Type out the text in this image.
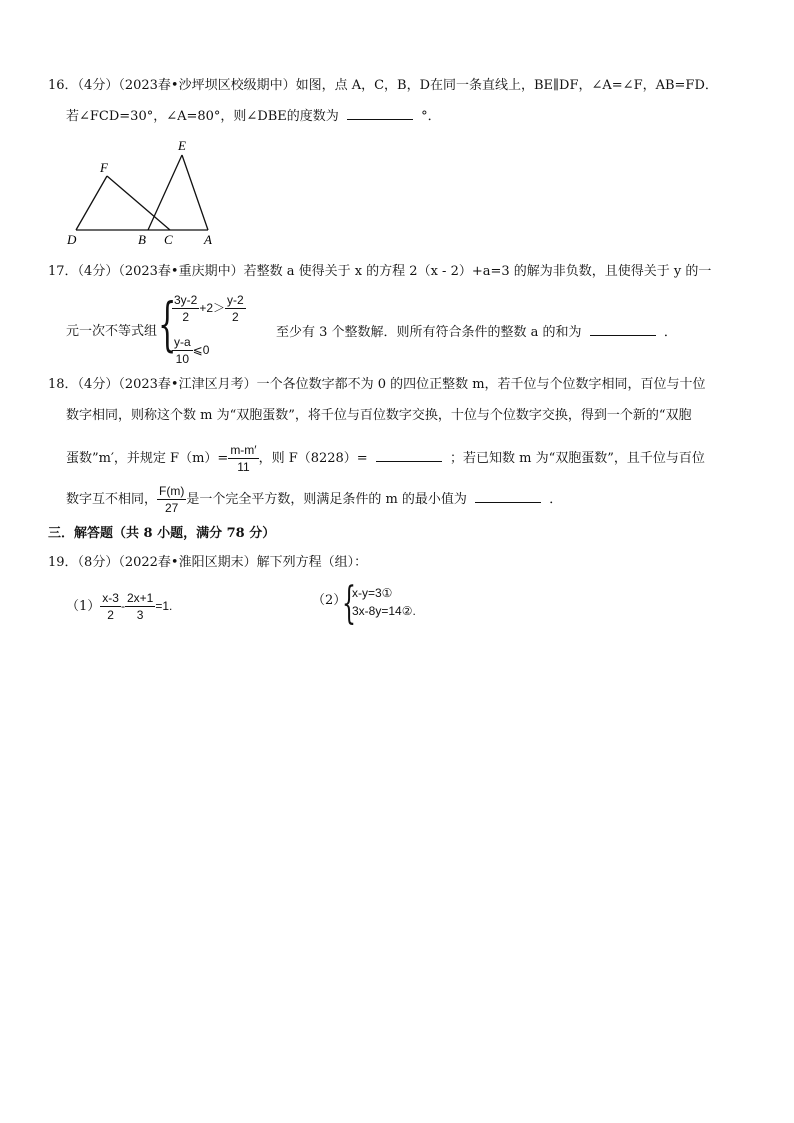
16．（4分）（2023春•沙坪坝区校级期中）如图，点 A，C，B，D在同一条直线上，BE∥DF，∠A=∠F，AB=FD．
若∠FCD=30°，∠A=80°，则∠DBE的度数为	°．
E
F
D	B C A
17．（4分）（2023春•重庆期中）若整数 a 使得关于 x 的方程 2（x - 2）+a=3 的解为非负数，且使得关于 y 的一
元一次不等式组 {
$\frac{3y-2}{2} +2> \frac{y-2}{2}$
$\frac{y-a}{10}$ ⩽0
至少有 3 个整数解．则所有符合条件的整数 a 的和为	．
18．（4分）（2023春•江津区月考）一个各位数字都不为 0 的四位正整数 m，若千位与个位数字相同，百位与十位
数字相同，则称这个数 m 为“双胞蛋数”，将千位与百位数字交换，十位与个位数字交换，得到一个新的“双胞
蛋数”m′，并规定 $F(m)= \frac{m-m'}{11}$ ，则 F（8228）=	；若已知数 m 为“双胞蛋数”，且千位与百位
数字互不相同， $\frac{F(m)}{27}$ 是一个完全平方数，则满足条件的 m 的最小值为	．
三．解答题（共 8 小题，满分 78 分）
19．（8分）（2022春•淮阳区期末）解下列方程（组）：
$(1) \frac{x-3}{2} - \frac{2x+1}{3} =1$.	（2）
{
x-y=3①
3x-8y=14②.
